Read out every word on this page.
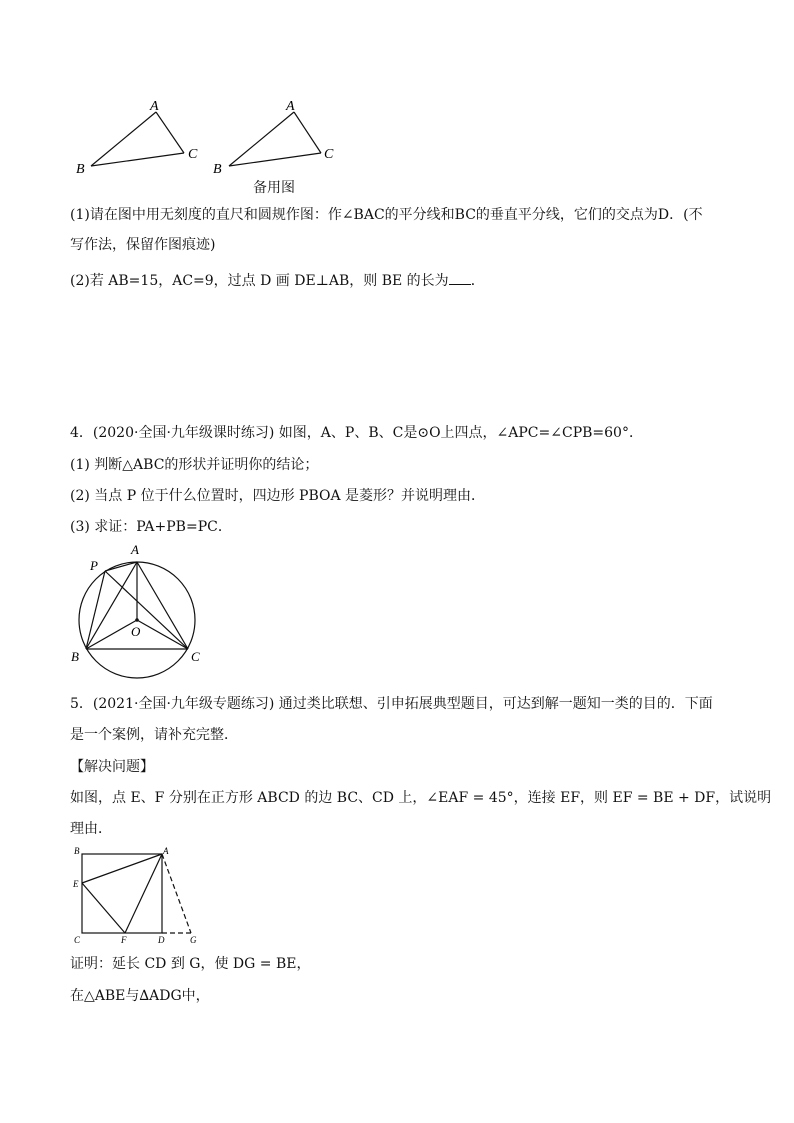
A
B
C
A
B
C
备用图
(1)请在图中用无刻度的直尺和圆规作图：作∠BAC的平分线和BC的垂直平分线，它们的交点为D．(不
写作法，保留作图痕迹)
(2)若 AB=15，AC=9，过点 D 画 DE⊥AB，则 BE 的长为 ．
4．(2020·全国·九年级课时练习) 如图，A、P、B、C是⊙O上四点，∠APC=∠CPB=60°．
(1) 判断△ABC的形状并证明你的结论；
(2) 当点 P 位于什么位置时，四边形 PBOA 是菱形？并说明理由．
(3) 求证：PA+PB=PC．
A
P
O
B	C
5．(2021·全国·九年级专题练习) 通过类比联想、引申拓展典型题目，可达到解一题知一类的目的．下面
是一个案例，请补充完整．
【解决问题】
如图，点 E、F 分别在正方形 ABCD 的边 BC、CD 上，∠EAF = 45°，连接 EF，则 EF = BE + DF，试说明
理由．
B	A
E
C	F	D	G
证明：延长 CD 到 G，使 DG = BE，
在△ABE与∆ADG中，
